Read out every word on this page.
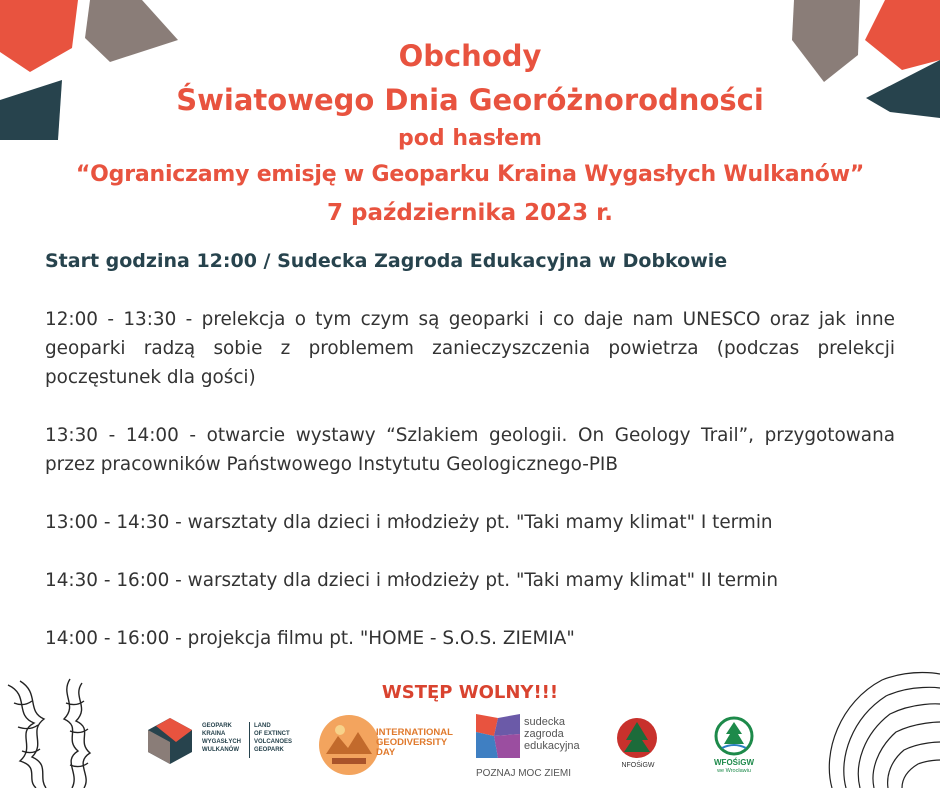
Obchody
Światowego Dnia Georóżnorodności
pod hasłem
“Ograniczamy emisję w Geoparku Kraina Wygasłych Wulkanów”
7 października 2023 r.
Start godzina 12:00 / Sudecka Zagroda Edukacyjna w Dobkowie

12:00 - 13:30 - prelekcja o tym czym są geoparki i co daje nam UNESCO oraz jak inne geoparki radzą sobie z problemem zanieczyszczenia powietrza (podczas prelekcji poczęstunek dla gości)

13:30 - 14:00 - otwarcie wystawy “Szlakiem geologii. On Geology Trail”, przygotowana przez pracowników Państwowego Instytutu Geologicznego-PIB

13:00 - 14:30 - warsztaty dla dzieci i młodzieży pt. "Taki mamy klimat" I termin

14:30 - 16:00 - warsztaty dla dzieci i młodzieży pt. "Taki mamy klimat" II termin

14:00 - 16:00 - projekcja filmu pt. "HOME - S.O.S. ZIEMIA"

WSTĘP WOLNY!!!
GEOPARK
KRAINA
WYGASŁYCH
WULKANÓW
LAND
OF EXTINCT
VOLCANOES
GEOPARK
INTERNATIONAL
GEODIVERSITY
DAY
sudecka
zagroda
edukacyjna
POZNAJ MOC ZIEMI
NFOŚiGW	WFOŚiGW
we Wrocławiu
